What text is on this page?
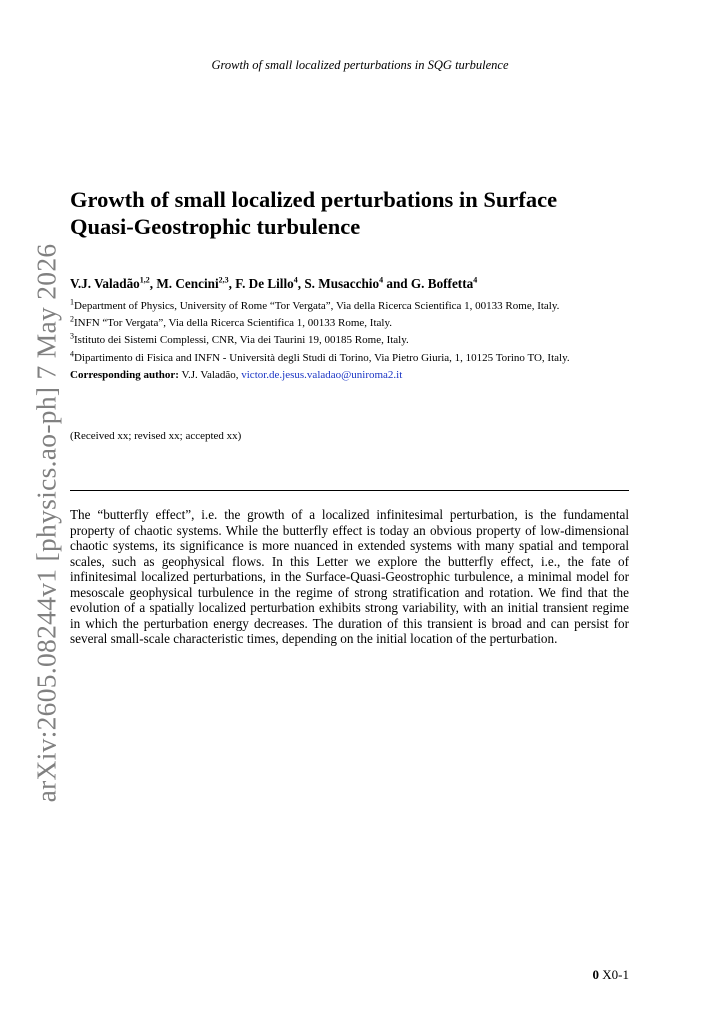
Growth of small localized perturbations in SQG turbulence
arXiv:2605.08244v1 [physics.ao-ph] 7 May 2026
Growth of small localized perturbations in Surface
Quasi-Geostrophic turbulence
V.J. Valadão$^{1,2}$, M. Cencini$^{2,3}$, F. De Lillo$^4$, S. Musacchio$^4$ and G. Boffetta$^4$

$^1$Department of Physics, University of Rome “Tor Vergata”, Via della Ricerca Scientifica 1, 00133 Rome, Italy.

$^2$INFN “Tor Vergata”, Via della Ricerca Scientifica 1, 00133 Rome, Italy.

$^3$Istituto dei Sistemi Complessi, CNR, Via dei Taurini 19, 00185 Rome, Italy.

$^4$Dipartimento di Fisica and INFN - Università degli Studi di Torino, Via Pietro Giuria, 1, 10125 Torino TO, Italy.

Corresponding author: V.J. Valadão, victor.de.jesus.valadao@uniroma2.it

(Received xx; revised xx; accepted xx)

The “butterfly effect”, i.e. the growth of a localized infinitesimal perturbation, is the fundamental property of chaotic systems. While the butterfly effect is today an obvious property of low-dimensional chaotic systems, its significance is more nuanced in extended systems with many spatial and temporal scales, such as geophysical flows. In this Letter we explore the butterfly effect, i.e., the fate of infinitesimal localized perturbations, in the Surface-Quasi-Geostrophic turbulence, a minimal model for mesoscale geophysical turbulence in the regime of strong stratification and rotation. We find that the evolution of a spatially localized perturbation exhibits strong variability, with an initial transient regime in which the perturbation energy decreases. The duration of this transient is broad and can persist for several small-scale characteristic times, depending on the initial location of the perturbation.

0 X0-1
